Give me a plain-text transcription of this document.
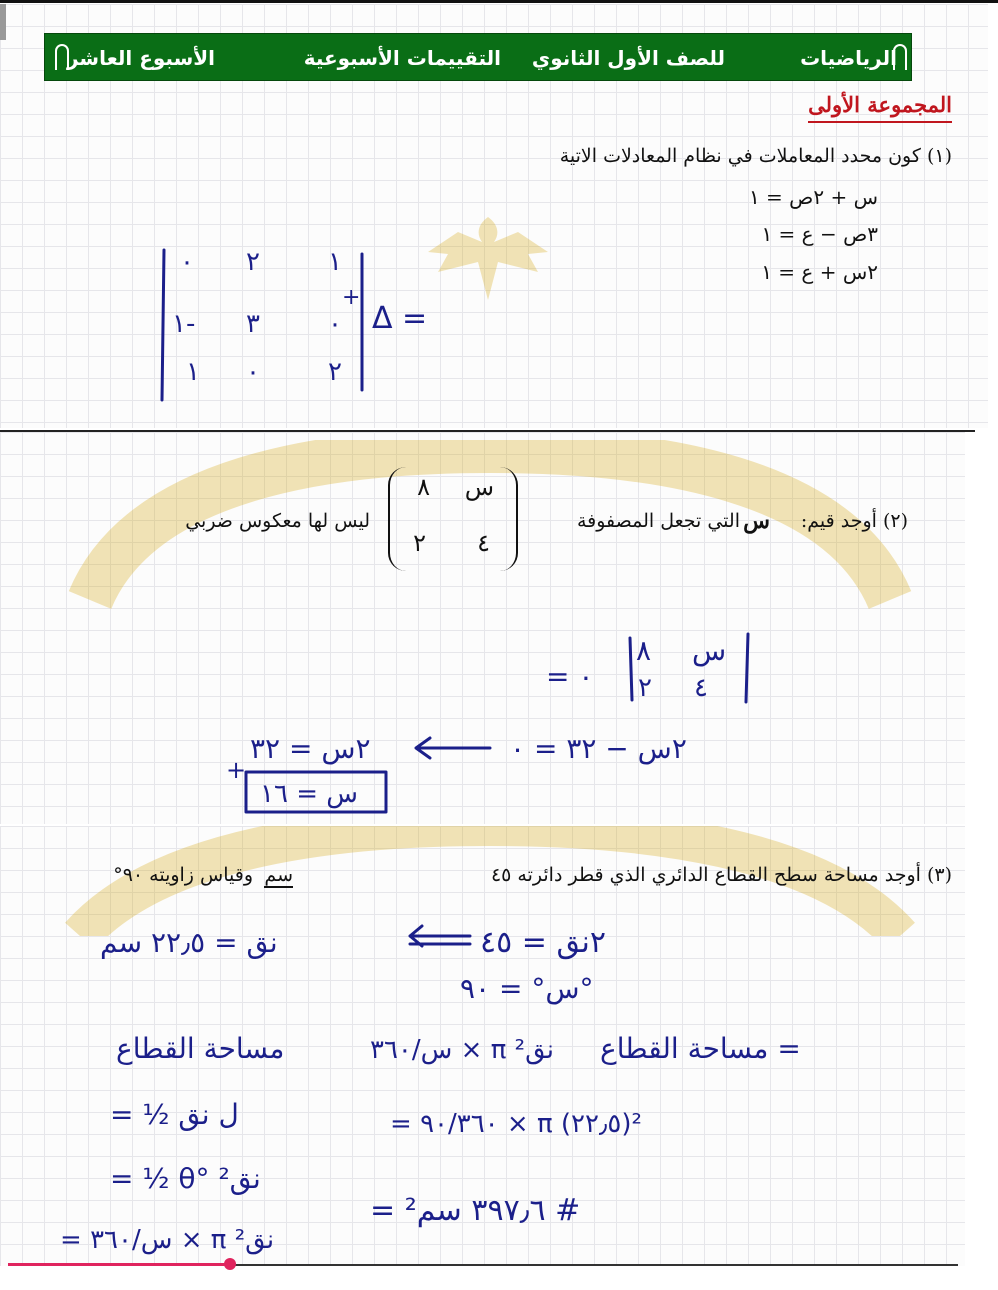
الرياضيات
للصف الأول الثانوي
التقييمات الأسبوعية
الأسبوع العاشر
المجموعة الأولى
(١) كون محدد المعاملات في نظام المعادلات الاتية
س + ٢ص = ١
٣ص − ع = ١
٢س + ع = ١
+
Δ =
١
٢
٠
٠
٣
١-
٢
٠
١
(٢) أوجد قيم:
س
التي تجعل المصفوفة
س
٨
٤
٢
ليس لها معكوس ضربي
س
٨
٤
٢
= ٠
٢س − ٣٢ = ٠
٢س = ٣٢
+
س = ١٦
(٣) أوجد مساحة سطح القطاع الدائري الذي قطر دائرته ٤٥
سم
وقياس زاويته ٩٠°
٢نق = ٤٥
نق = ٢٢٫٥ سم
س° = ٩٠°
مساحة القطاع =
س/٣٦٠ × π نق²
= ٩٠/٣٦٠ × π (٢٢٫٥)²
= ٣٩٧٫٦ سم² #
مساحة القطاع
= ½ ل نق
= ½ θ° نق²
= س/٣٦٠ × π نق²
